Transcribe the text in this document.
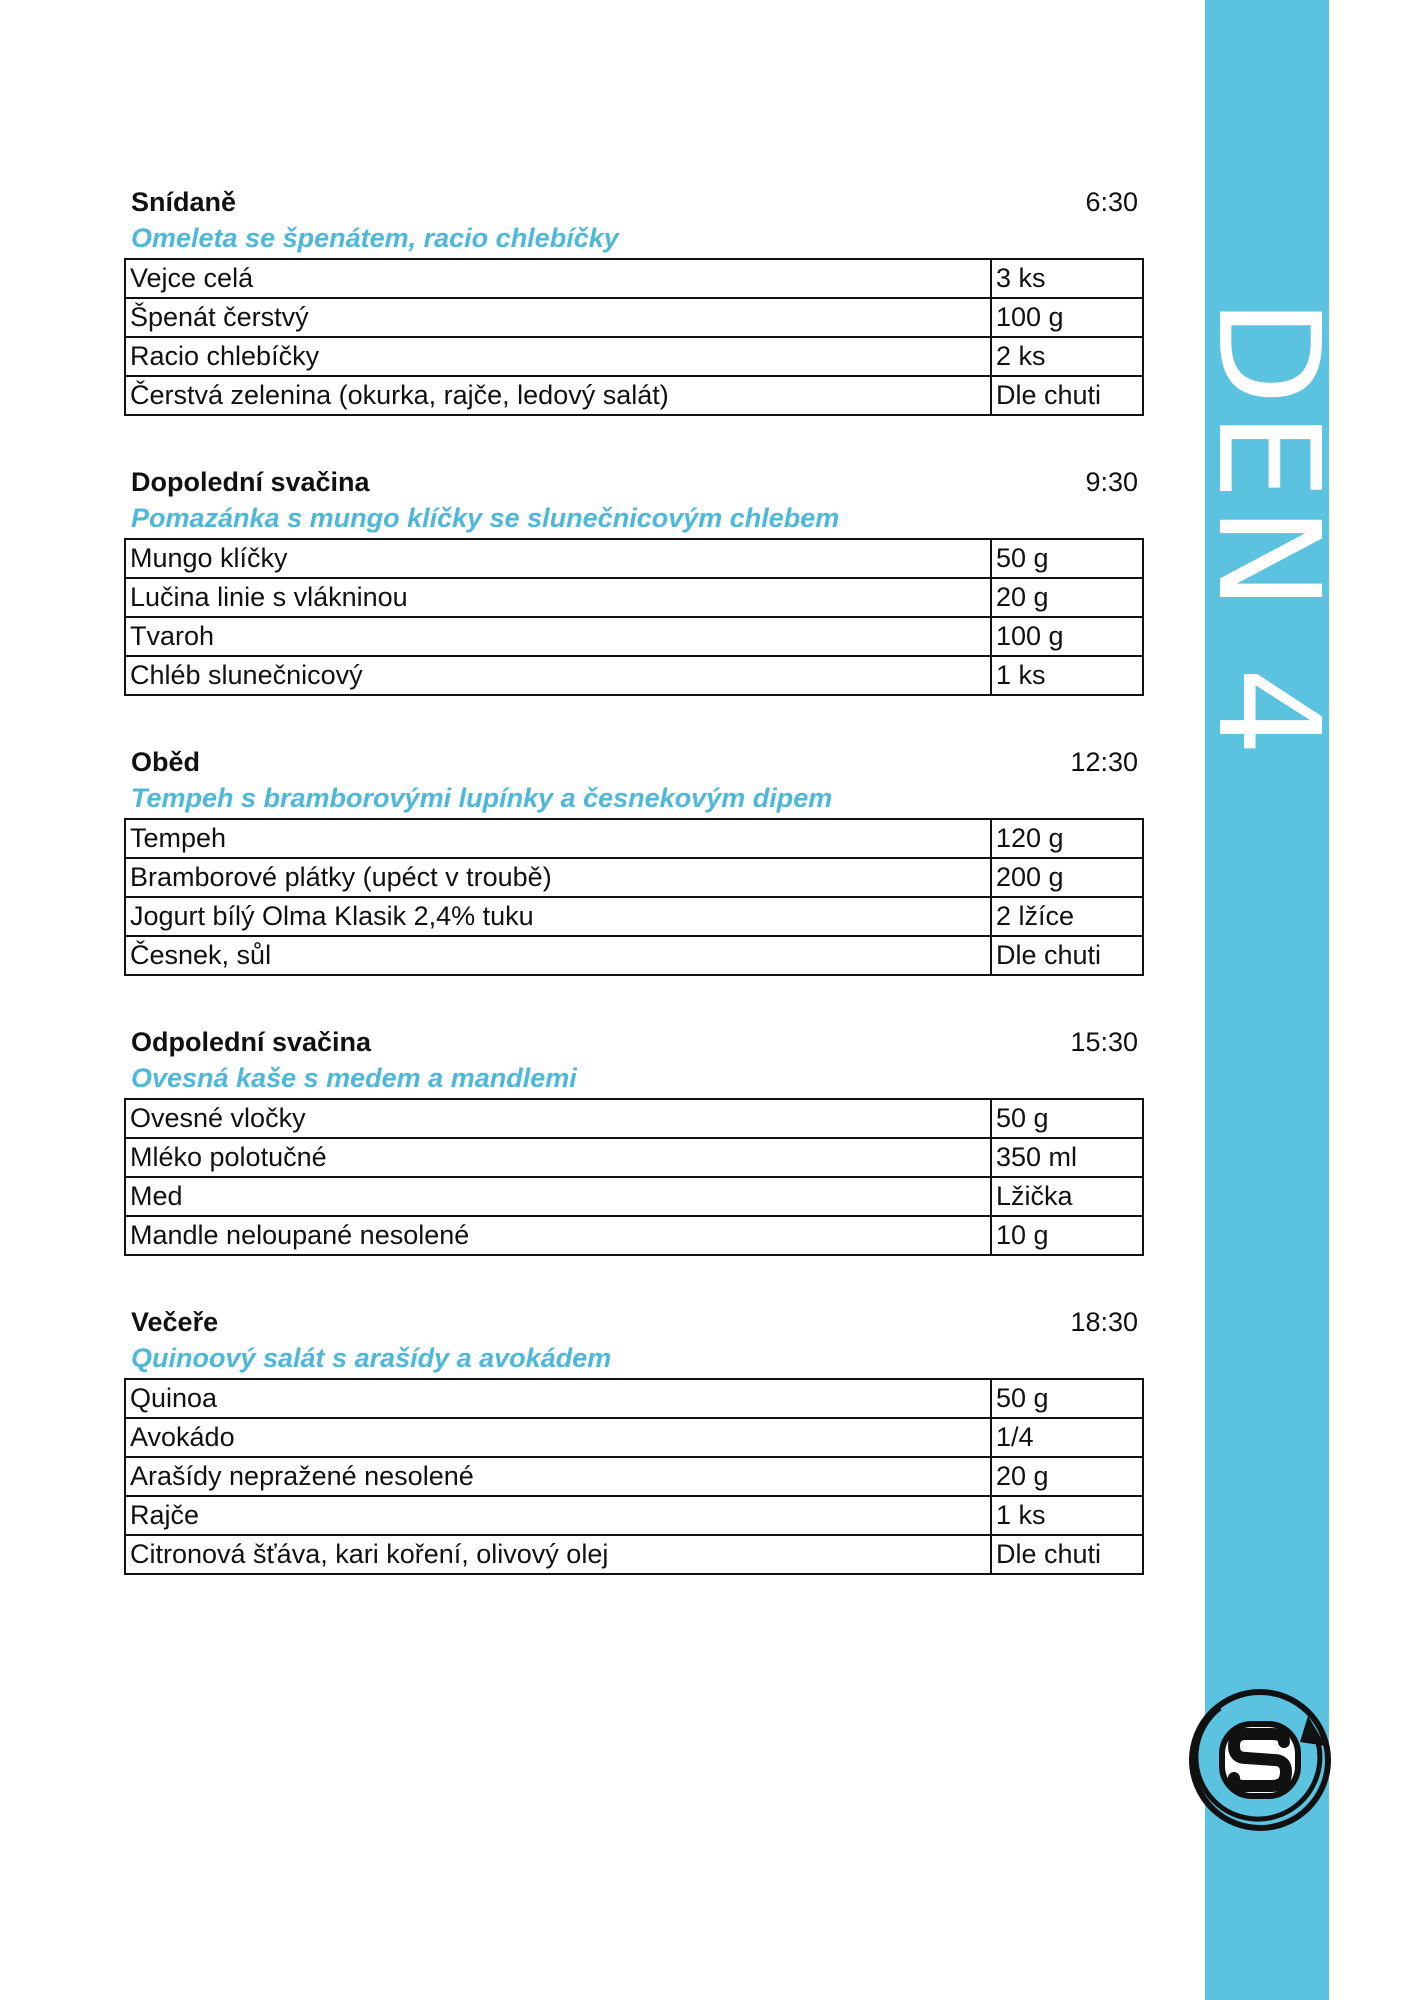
DEN 4
Snídaně	6:30
Omeleta se špenátem, racio chlebíčky
Vejce celá	3 ks
Špenát čerstvý	100 g
Racio chlebíčky	2 ks
Čerstvá zelenina (okurka, rajče, ledový salát)	Dle chuti
Dopolední svačina	9:30
Pomazánka s mungo klíčky se slunečnicovým chlebem
Mungo klíčky	50 g
Lučina linie s vlákninou	20 g
Tvaroh	100 g
Chléb slunečnicový	1 ks
Oběd	12:30
Tempeh s bramborovými lupínky a česnekovým dipem
Tempeh	120 g
Bramborové plátky (upéct v troubě)	200 g
Jogurt bílý Olma Klasik 2,4% tuku	2 lžíce
Česnek, sůl	Dle chuti
Odpolední svačina	15:30
Ovesná kaše s medem a mandlemi
Ovesné vločky	50 g
Mléko polotučné	350 ml
Med	Lžička
Mandle neloupané nesolené	10 g
Večeře	18:30
Quinoový salát s arašídy a avokádem
Quinoa	50 g
Avokádo	1/4
Arašídy nepražené nesolené	20 g
Rajče	1 ks
Citronová šťáva, kari koření, olivový olej	Dle chuti
